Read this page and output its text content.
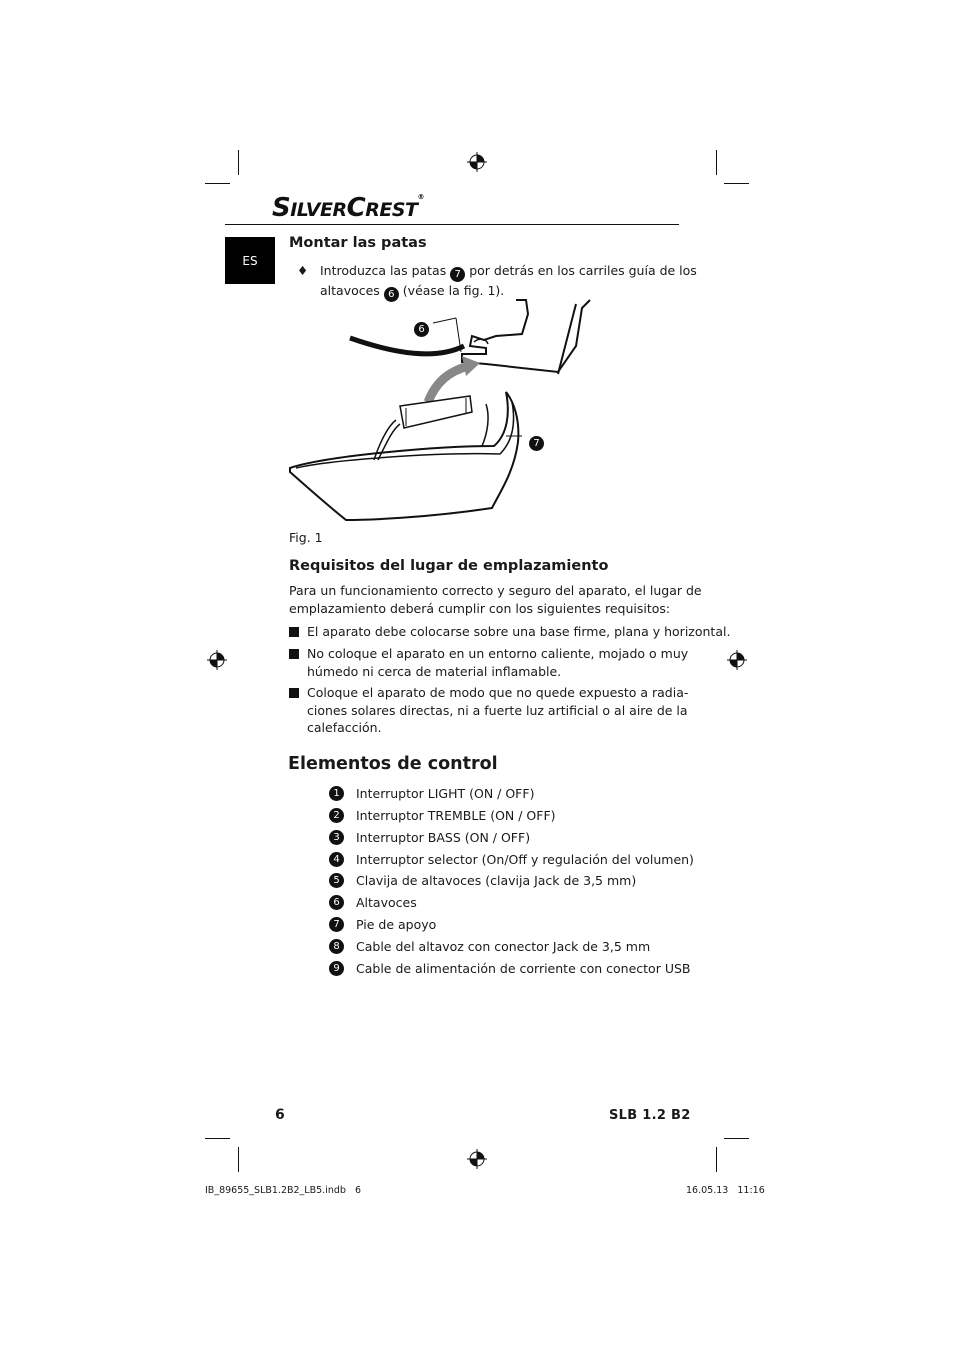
SILVERCREST®
ES
Montar las patas
♦ Introduzca las patas 7 por detrás en los carriles guía de los
altavoces 6 (véase la fig. 1).
6
7
Fig. 1
Requisitos del lugar de emplazamiento
Para un funcionamiento correcto y seguro del aparato, el lugar de
emplazamiento deberá cumplir con los siguientes requisitos:
El aparato debe colocarse sobre una base firme, plana y horizontal.
No coloque el aparato en un entorno caliente, mojado o muy
húmedo ni cerca de material inflamable.
Coloque el aparato de modo que no quede expuesto a radia-
ciones solares directas, ni a fuerte luz artificial o al aire de la
calefacción.
Elementos de control
1	Interruptor LIGHT (ON / OFF)
2	Interruptor TREMBLE (ON / OFF)
3	Interruptor BASS (ON / OFF)
4	Interruptor selector (On/Off y regulación del volumen)
5	Clavija de altavoces (clavija Jack de 3,5 mm)
6	Altavoces
7	Pie de apoyo
8	Cable del altavoz con conector Jack de 3,5 mm
9	Cable de alimentación de corriente con conector USB
6	SLB 1.2 B2
IB_89655_SLB1.2B2_LB5.indb   6	16.05.13   11:16
